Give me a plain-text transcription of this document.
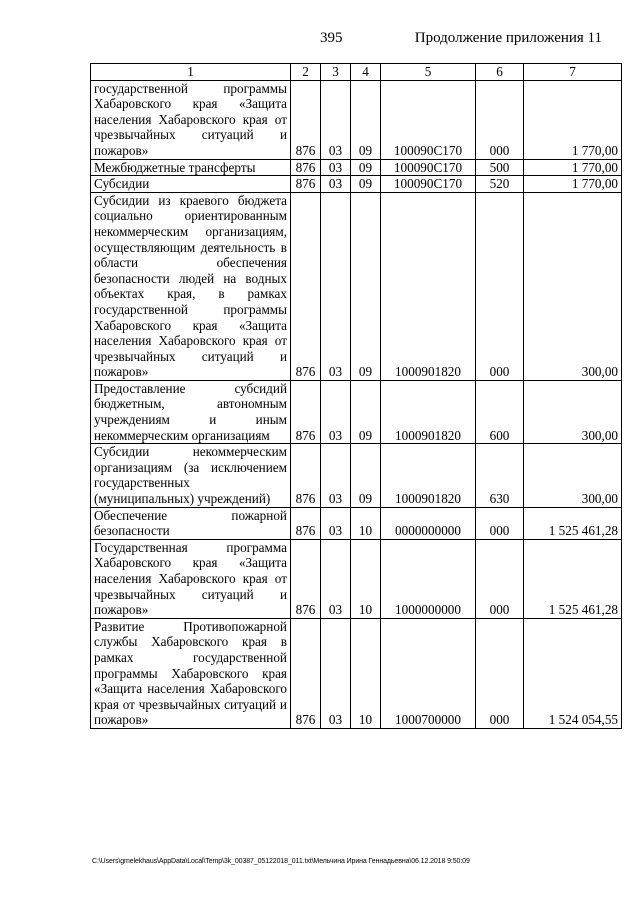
395	Продолжение приложения 11
1	2	3	4	5	6	7
государственной программы Хабаровского края «Защита населения Хабаровского края от чрезвычайных ситуаций и пожаров»	876	03	09	100090С170	000	1 770,00
Межбюджетные трансферты	876	03	09	100090С170	500	1 770,00
Субсидии	876	03	09	100090С170	520	1 770,00
Субсидии из краевого бюджета социально ориентированным некоммерческим организациям, осуществляющим деятельность в области обеспечения безопасности людей на водных объектах края, в рамках государственной программы Хабаровского края «Защита населения Хабаровского края от чрезвычайных ситуаций и пожаров»	876	03	09	1000901820	000	300,00
Предоставление субсидий бюджетным, автономным учреждениям и иным некоммерческим организациям	876	03	09	1000901820	600	300,00
Субсидии некоммерческим организациям (за исключением государственных (муниципальных) учреждений)	876	03	09	1000901820	630	300,00
Обеспечение пожарной безопасности	876	03	10	0000000000	000	1 525 461,28
Государственная программа Хабаровского края «Защита населения Хабаровского края от чрезвычайных ситуаций и пожаров»	876	03	10	1000000000	000	1 525 461,28
Развитие Противопожарной службы Хабаровского края в рамках государственной программы Хабаровского края «Защита населения Хабаровского края от чрезвычайных ситуаций и пожаров»	876	03	10	1000700000	000	1 524 054,55
C:\Users\gmelekhaus\AppData\Local\Temp\3k_00387_05122018_011.txt\Мельчина Ирина Геннадьевна\06.12.2018 9:50:09
